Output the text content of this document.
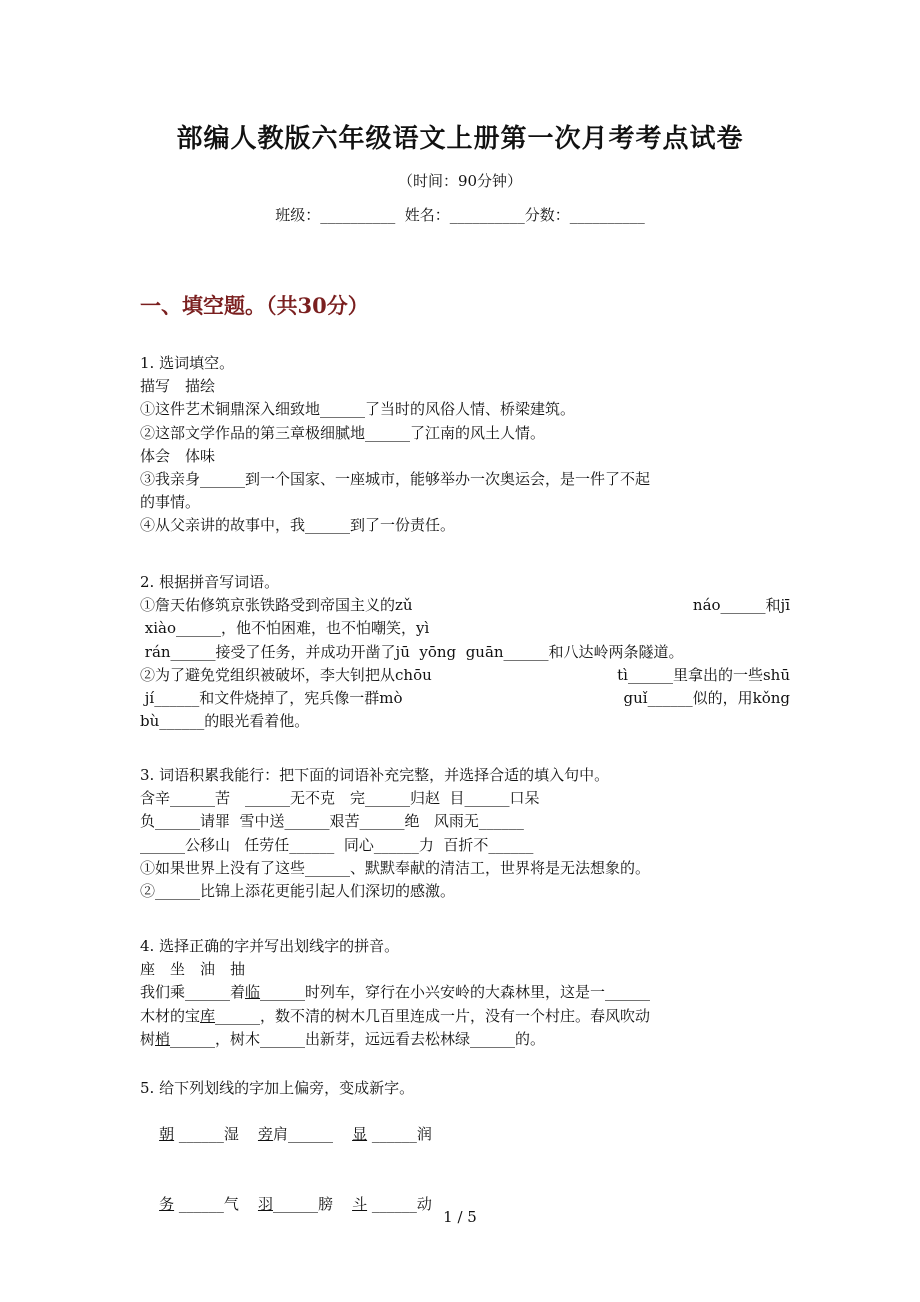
部编人教版六年级语文上册第一次月考考点试卷
（时间：90分钟）
班级：__________  姓名：__________分数：__________
一、填空题。（共30分）
1. 选词填空。
描写　描绘
①这件艺术铜鼎深入细致地______了当时的风俗人情、桥梁建筑。
②这部文学作品的第三章极细腻地______了江南的风土人情。
体会　体味
③我亲身______到一个国家、一座城市，能够举办一次奥运会，是一件了不起
的事情。
④从父亲讲的故事中，我______到了一份责任。
2. 根据拼音写词语。
①詹天佑修筑京张铁路受到帝国主义的zǔ	náo______和jī
xiào______，他不怕困难，也不怕嘲笑，yì
rán______接受了任务，并成功开凿了jū  yōng  guān______和八达岭两条隧道。
②为了避免党组织被破坏，李大钊把从chōu	tì______里拿出的一些shū
jí______和文件烧掉了，宪兵像一群mò	guǐ______似的，用kǒng
bù______的眼光看着他。
3. 词语积累我能行：把下面的词语补充完整，并选择合适的填入句中。
含辛______苦　______无不克　完______归赵  目______口呆
负______请罪  雪中送______艰苦______绝   风雨无______
______公移山   任劳任______  同心______力  百折不______
①如果世界上没有了这些______、默默奉献的清洁工，世界将是无法想象的。
②______比锦上添花更能引起人们深切的感激。
4. 选择正确的字并写出划线字的拼音。
座　坐　油　抽
我们乘______着临______时列车，穿行在小兴安岭的大森林里，这是一______
木材的宝库______，数不清的树木几百里连成一片，没有一个村庄。春风吹动
树梢______，树木______出新芽，远远看去松林绿______的。
5. 给下列划线的字加上偏旁，变成新字。

朝 ______湿 旁肩______ 显 ______润

务 ______气 羽______膀 斗 ______动

1 / 5
